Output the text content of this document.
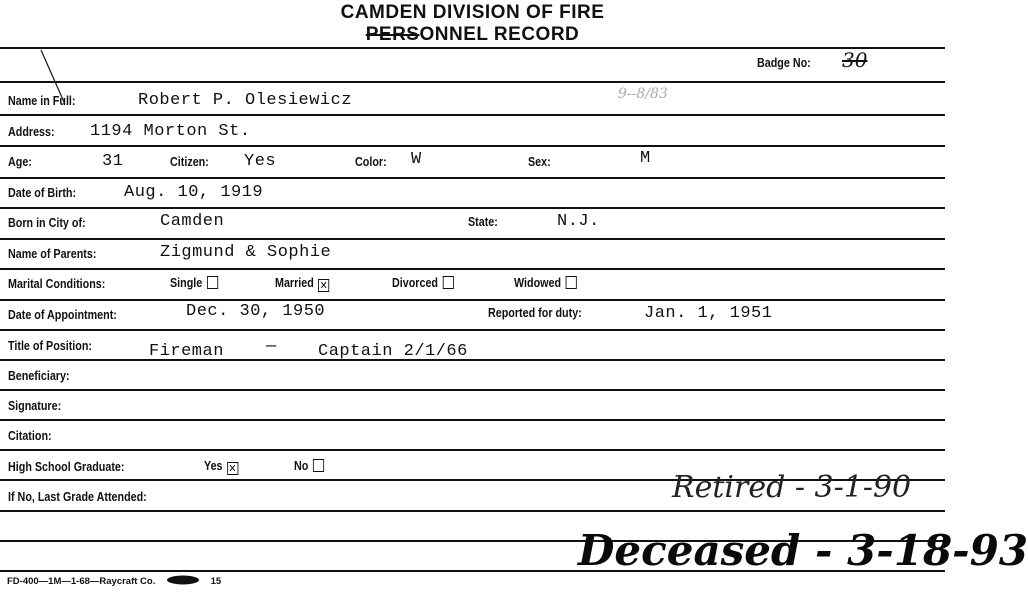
CAMDEN DIVISION OF FIRE
PERSONNEL RECORD
Badge No: 30
Name in Full:	Robert P. Olesiewicz	9--8/83
Address: 1194 Morton St.
Age:	31	Citizen: Yes	Color: W	Sex:	M
Date of Birth:	Aug. 10, 1919
Born in City of:	Camden	State:	N.J.
Name of Parents:	Zigmund & Sophie
Marital Conditions:	Single	Married ✕	Divorced	Widowed
Date of Appointment:	Dec. 30, 1950	Reported for duty:	Jan. 1, 1951
Title of Position:	Fireman — Captain 2/1/66
Beneficiary:
Signature:
Citation:
High School Graduate:	Yes ✕	No
If No, Last Grade Attended:	Retired - 3-1-90
Deceased - 3-18-93
FD-400—1M—1-68—Raycraft Co.	15
